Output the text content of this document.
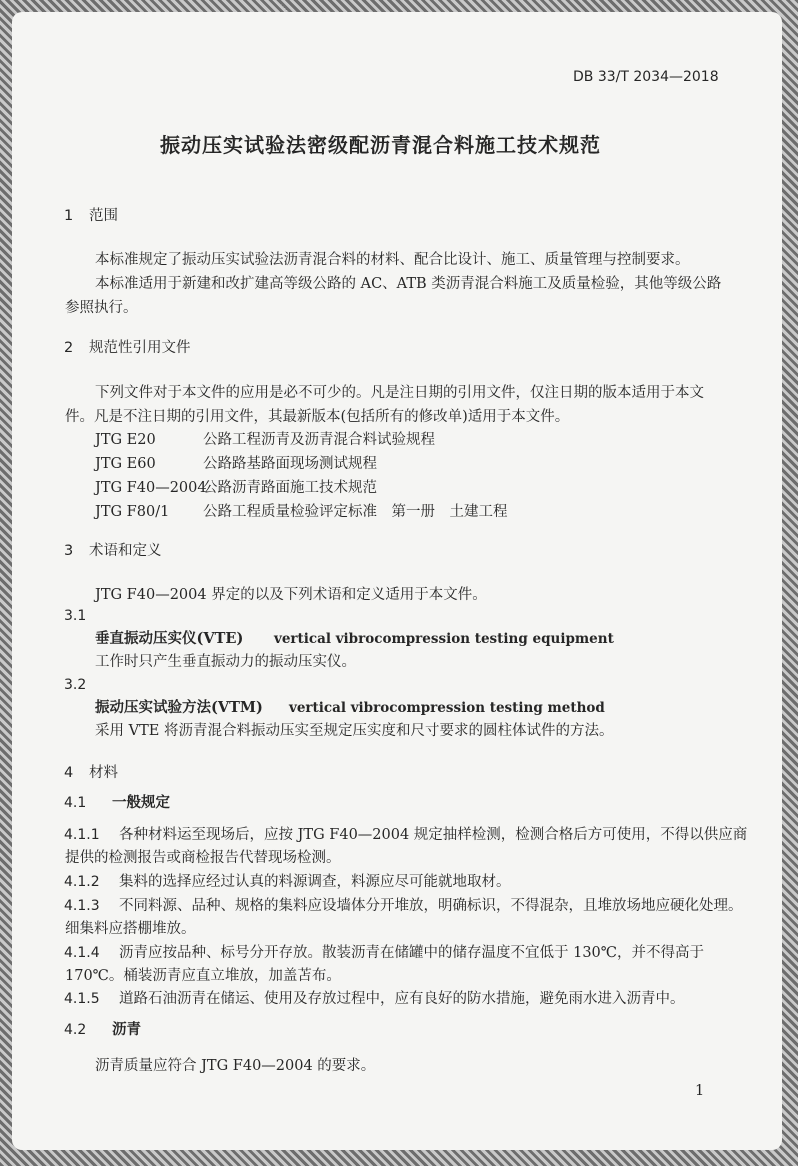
DB 33/T 2034—2018
振动压实试验法密级配沥青混合料施工技术规范
1 范围
本标准规定了振动压实试验法沥青混合料的材料、配合比设计、施工、质量管理与控制要求。
本标准适用于新建和改扩建高等级公路的 AC、ATB 类沥青混合料施工及质量检验，其他等级公路
参照执行。
2 规范性引用文件
下列文件对于本文件的应用是必不可少的。凡是注日期的引用文件，仅注日期的版本适用于本文
件。凡是不注日期的引用文件，其最新版本(包括所有的修改单)适用于本文件。
JTG E20	公路工程沥青及沥青混合料试验规程
JTG E60	公路路基路面现场测试规程
JTG F40—2004
公路沥青路面施工技术规范
JTG F80/1 公路工程质量检验评定标准　第一册　土建工程
3 术语和定义
JTG F40—2004 界定的以及下列术语和定义适用于本文件。
3.1
垂直振动压实仪(VTE) vertical vibrocompression testing equipment
工作时只产生垂直振动力的振动压实仪。
3.2
振动压实试验方法(VTM) vertical vibrocompression testing method
采用 VTE 将沥青混合料振动压实至规定压实度和尺寸要求的圆柱体试件的方法。
4 材料
4.1 一般规定
4.1.1 各种材料运至现场后，应按 JTG F40—2004 规定抽样检测，检测合格后方可使用，不得以供应商
提供的检测报告或商检报告代替现场检测。
4.1.2 集料的选择应经过认真的料源调查，料源应尽可能就地取材。
4.1.3 不同料源、品种、规格的集料应设墙体分开堆放，明确标识，不得混杂，且堆放场地应硬化处理。
细集料应搭棚堆放。
4.1.4 沥青应按品种、标号分开存放。散装沥青在储罐中的储存温度不宜低于 130℃，并不得高于
170℃。桶装沥青应直立堆放，加盖苫布。
4.1.5 道路石油沥青在储运、使用及存放过程中，应有良好的防水措施，避免雨水进入沥青中。
4.2 沥青
沥青质量应符合 JTG F40—2004 的要求。
1
